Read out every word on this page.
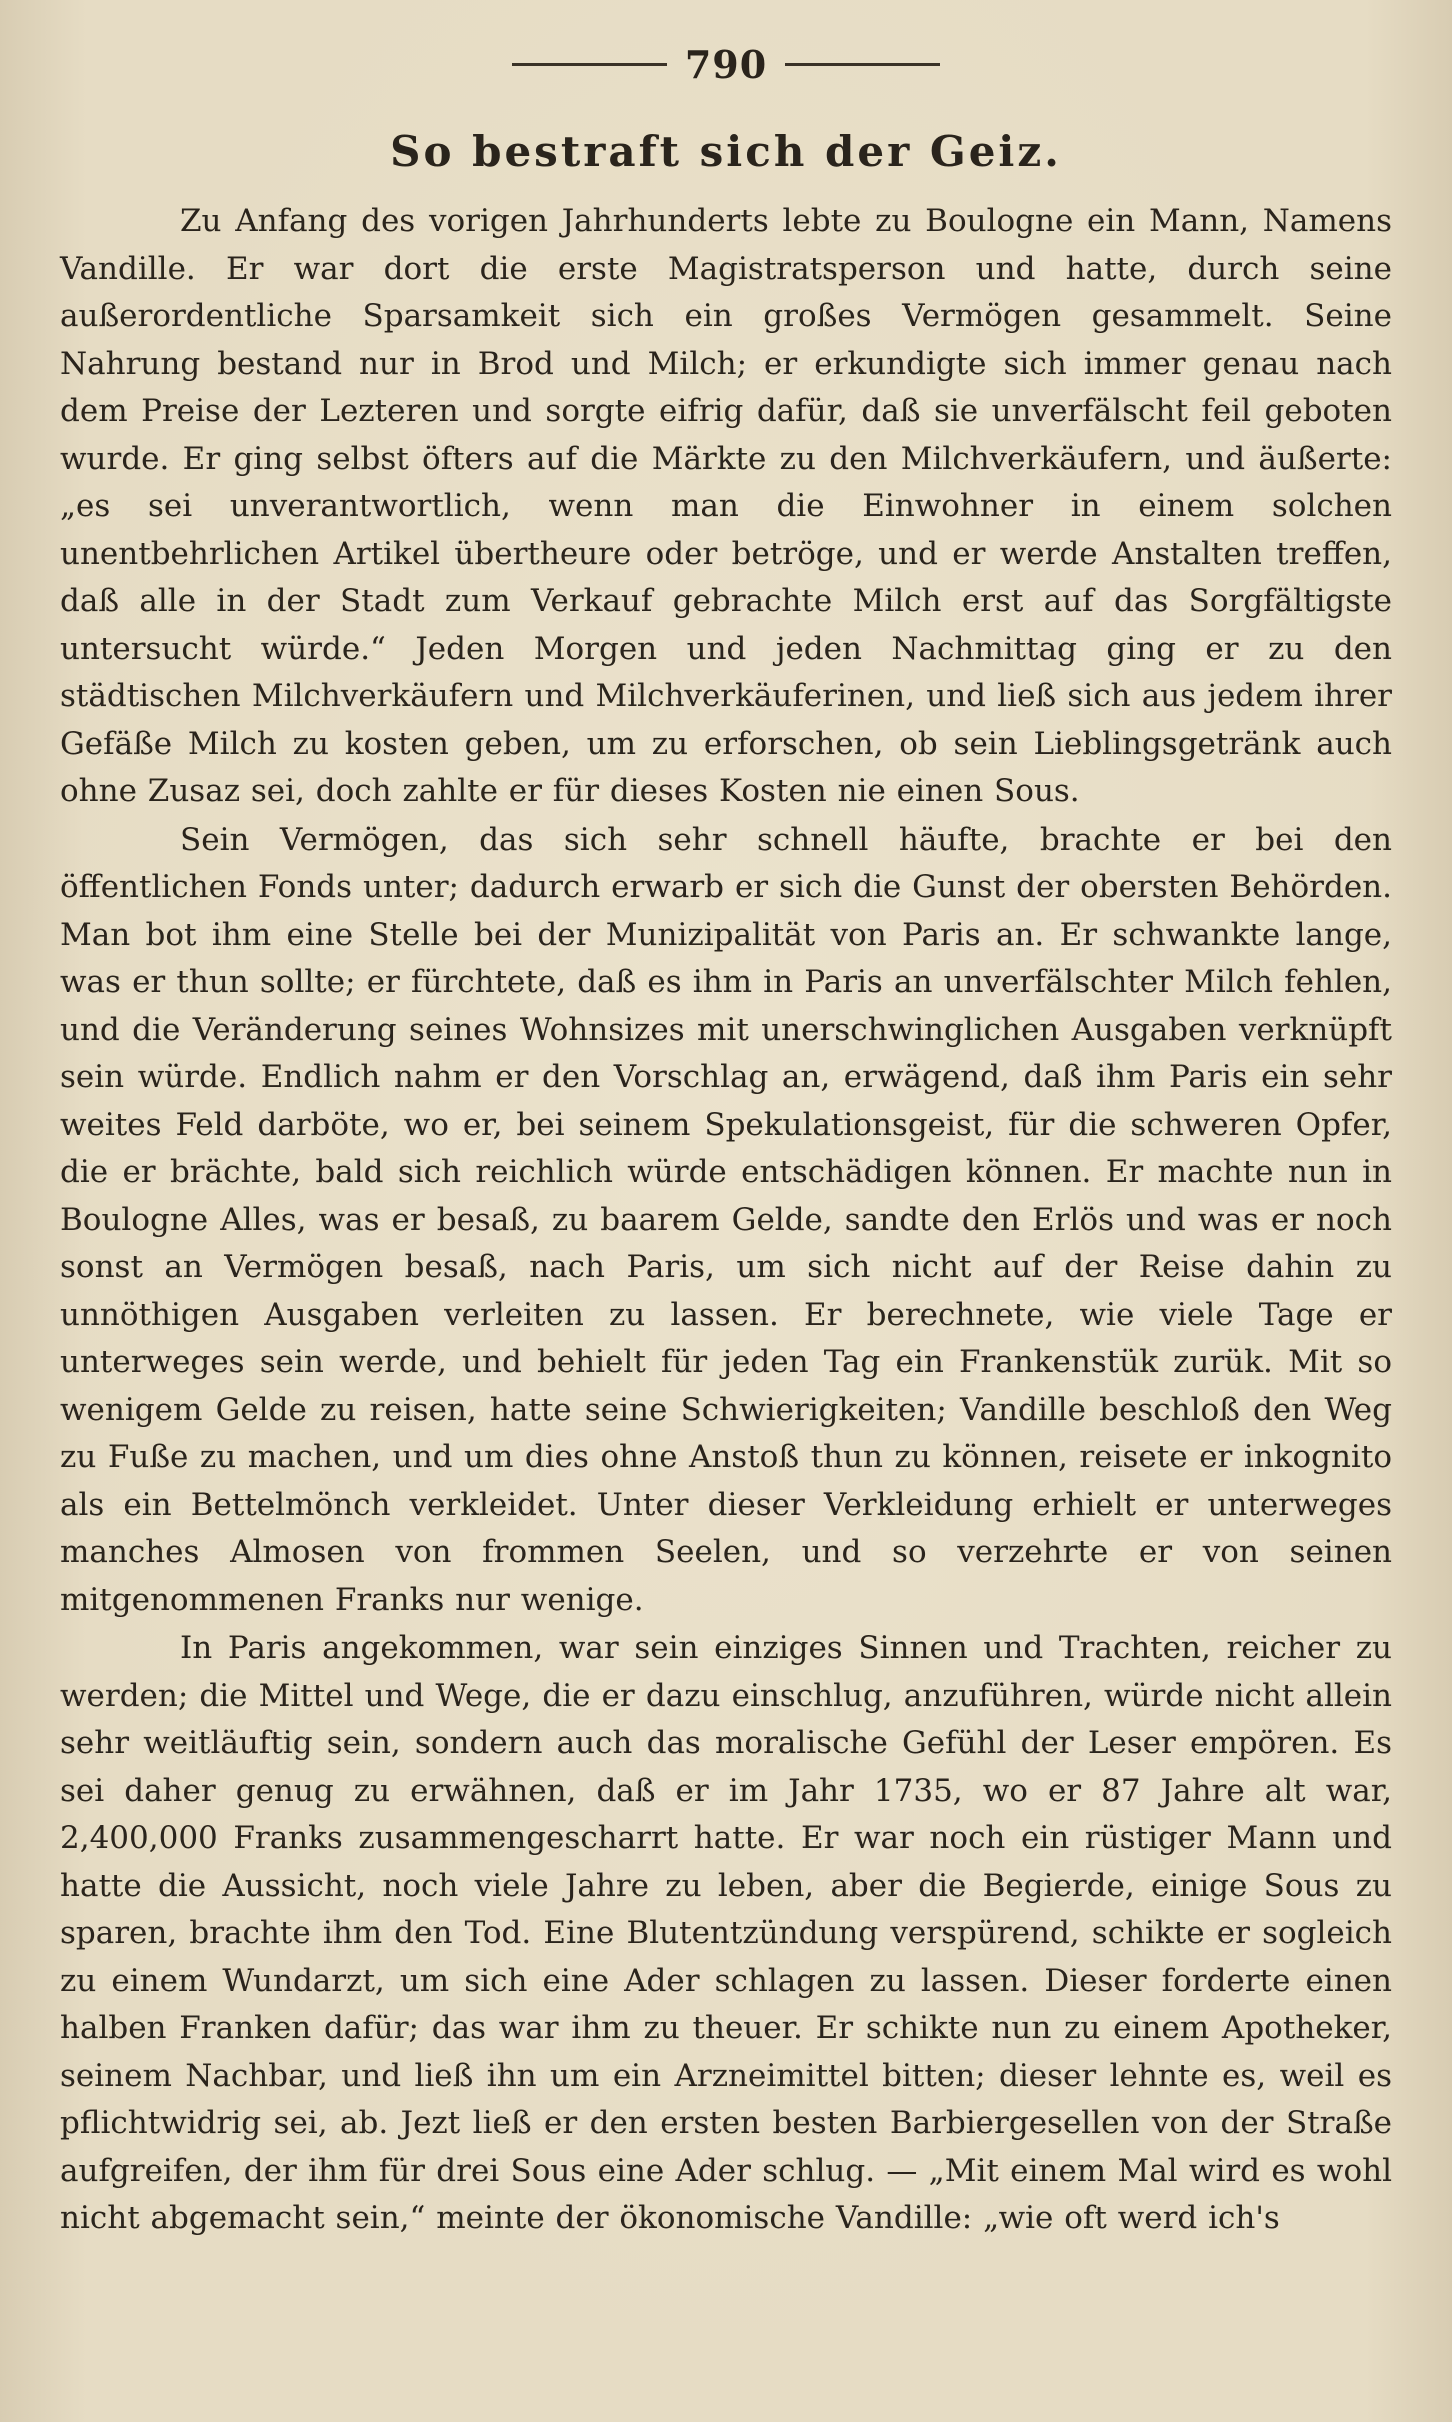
790
So bestraft sich der Geiz.

Zu Anfang des vorigen Jahrhunderts lebte zu Boulogne ein Mann, Namens Vandille. Er war dort die erste Magistratsperson und hatte, durch seine außerordentliche Sparsamkeit sich ein großes Vermögen gesammelt. Seine Nahrung bestand nur in Brod und Milch; er erkundigte sich immer genau nach dem Preise der Lezteren und sorgte eifrig dafür, daß sie unverfälscht feil geboten wurde. Er ging selbst öfters auf die Märkte zu den Milchverkäufern, und äußerte: „es sei unverantwortlich, wenn man die Einwohner in einem solchen unentbehrlichen Artikel übertheure oder betröge, und er werde Anstalten treffen, daß alle in der Stadt zum Verkauf gebrachte Milch erst auf das Sorgfältigste untersucht würde.“ Jeden Morgen und jeden Nachmittag ging er zu den städtischen Milchverkäufern und Milchverkäuferinen, und ließ sich aus jedem ihrer Gefäße Milch zu kosten geben, um zu erforschen, ob sein Lieblingsgetränk auch ohne Zusaz sei, doch zahlte er für dieses Kosten nie einen Sous.

Sein Vermögen, das sich sehr schnell häufte, brachte er bei den öffentlichen Fonds unter; dadurch erwarb er sich die Gunst der obersten Behörden. Man bot ihm eine Stelle bei der Munizipalität von Paris an. Er schwankte lange, was er thun sollte; er fürchtete, daß es ihm in Paris an unverfälschter Milch fehlen, und die Veränderung seines Wohnsizes mit unerschwinglichen Ausgaben verknüpft sein würde. Endlich nahm er den Vorschlag an, erwägend, daß ihm Paris ein sehr weites Feld darböte, wo er, bei seinem Spekulationsgeist, für die schweren Opfer, die er brächte, bald sich reichlich würde entschädigen können. Er machte nun in Boulogne Alles, was er besaß, zu baarem Gelde, sandte den Erlös und was er noch sonst an Vermögen besaß, nach Paris, um sich nicht auf der Reise dahin zu unnöthigen Ausgaben verleiten zu lassen. Er berechnete, wie viele Tage er unterweges sein werde, und behielt für jeden Tag ein Frankenstük zurük. Mit so wenigem Gelde zu reisen, hatte seine Schwierigkeiten; Vandille beschloß den Weg zu Fuße zu machen, und um dies ohne Anstoß thun zu können, reisete er inkognito als ein Bettelmönch verkleidet. Unter dieser Verkleidung erhielt er unterweges manches Almosen von frommen Seelen, und so verzehrte er von seinen mitgenommenen Franks nur wenige.

In Paris angekommen, war sein einziges Sinnen und Trachten, reicher zu werden; die Mittel und Wege, die er dazu einschlug, anzuführen, würde nicht allein sehr weitläuftig sein, sondern auch das moralische Gefühl der Leser empören. Es sei daher genug zu erwähnen, daß er im Jahr 1735, wo er 87 Jahre alt war, 2,400,000 Franks zusammengescharrt hatte. Er war noch ein rüstiger Mann und hatte die Aussicht, noch viele Jahre zu leben, aber die Begierde, einige Sous zu sparen, brachte ihm den Tod. Eine Blutentzündung verspürend, schikte er sogleich zu einem Wundarzt, um sich eine Ader schlagen zu lassen. Dieser forderte einen halben Franken dafür; das war ihm zu theuer. Er schikte nun zu einem Apotheker, seinem Nachbar, und ließ ihn um ein Arzneimittel bitten; dieser lehnte es, weil es pflichtwidrig sei, ab. Jezt ließ er den ersten besten Barbiergesellen von der Straße aufgreifen, der ihm für drei Sous eine Ader schlug. — „Mit einem Mal wird es wohl nicht abgemacht sein,“ meinte der ökonomische Vandille: „wie oft werd ich's
